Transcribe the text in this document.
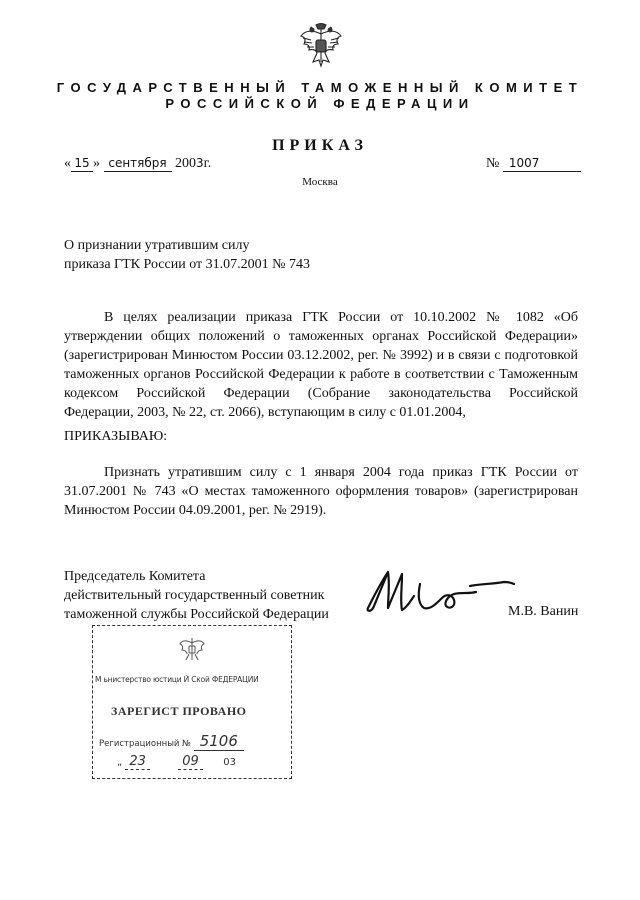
ГОСУДАРСТВЕННЫЙ ТАМОЖЕННЫЙ КОМИТЕТ
РОССИЙСКОЙ ФЕДЕРАЦИИ
ПРИКАЗ
« 15 » сентября 2003г.	№ 1007
Москва
О признании утратившим силу
приказа ГТК России от 31.07.2001 № 743

В целях реализации приказа ГТК России от 10.10.2002 № 1082 «Об утверждении общих положений о таможенных органах Российской Федерации» (зарегистрирован Минюстом России 03.12.2002, рег. № 3992) и в связи с подготовкой таможенных органов Российской Федерации к работе в соответствии с Таможенным кодексом Российской Федерации (Собрание законодательства Российской Федерации, 2003, № 22, ст. 2066), вступающим в силу с 01.01.2004,

ПРИКАЗЫВАЮ:

Признать утратившим силу с 1 января 2004 года приказ ГТК России от 31.07.2001 № 743 «О местах таможенного оформления товаров» (зарегистрирован Минюстом России 04.09.2001, рег. № 2919).

Председатель Комитета
действительный государственный советник
таможенной службы Российской Федерации	М.В. Ванин
М ьнистерство юстици Й Ской ФЕДЕРАЦИИ
ЗАРЕГИСТ ПРОВАНО
Регистрационный № 5106
„ 23	09 03
